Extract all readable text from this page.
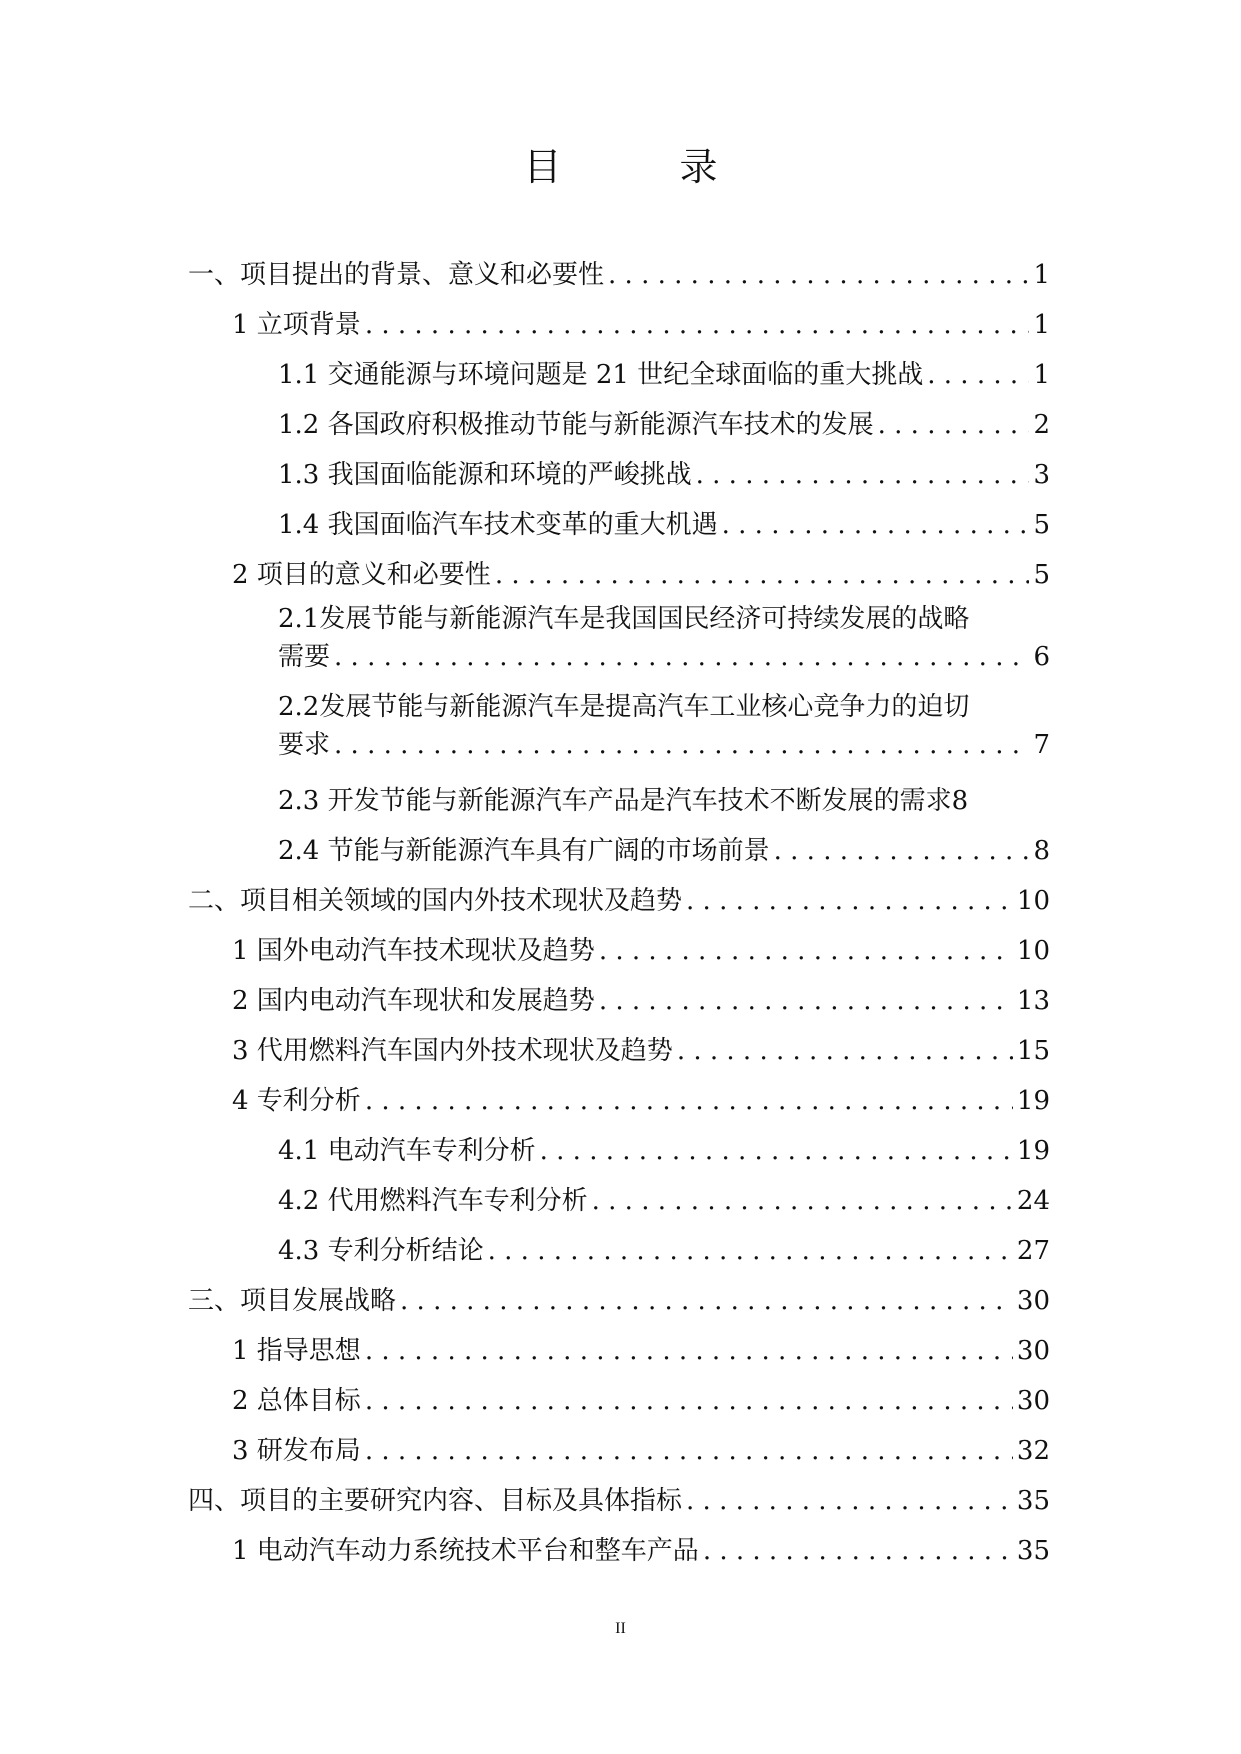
目　录
一、项目提出的背景、意义和必要性 . . .	1
1 立项背景 . . .	1
1.1 交通能源与环境问题是 21 世纪全球面临的重大挑战 . . .	1
1.2 各国政府积极推动节能与新能源汽车技术的发展 . . .	2
1.3 我国面临能源和环境的严峻挑战 . . .	3
1.4 我国面临汽车技术变革的重大机遇 . . .	5
2 项目的意义和必要性 . . .	5
2.1发展节能与新能源汽车是我国国民经济可持续发展的战略
需要 . . .	6
2.2发展节能与新能源汽车是提高汽车工业核心竞争力的迫切
要求 . . .	7
2.3 开发节能与新能源汽车产品是汽车技术不断发展的需求 8
2.4 节能与新能源汽车具有广阔的市场前景 . . .	8
二、项目相关领域的国内外技术现状及趋势 . . .	10
1 国外电动汽车技术现状及趋势 . . .	10
2 国内电动汽车现状和发展趋势 . . .	13
3 代用燃料汽车国内外技术现状及趋势 . . .	15
4 专利分析 . . .	19
4.1 电动汽车专利分析 . . .	19
4.2 代用燃料汽车专利分析 . . .	24
4.3 专利分析结论 . . .	27
三、项目发展战略 . . .	30
1 指导思想 . . .	30
2 总体目标 . . .	30
3 研发布局 . . .	32
四、项目的主要研究内容、目标及具体指标 . . .	35
1 电动汽车动力系统技术平台和整车产品 . . .	35
II
